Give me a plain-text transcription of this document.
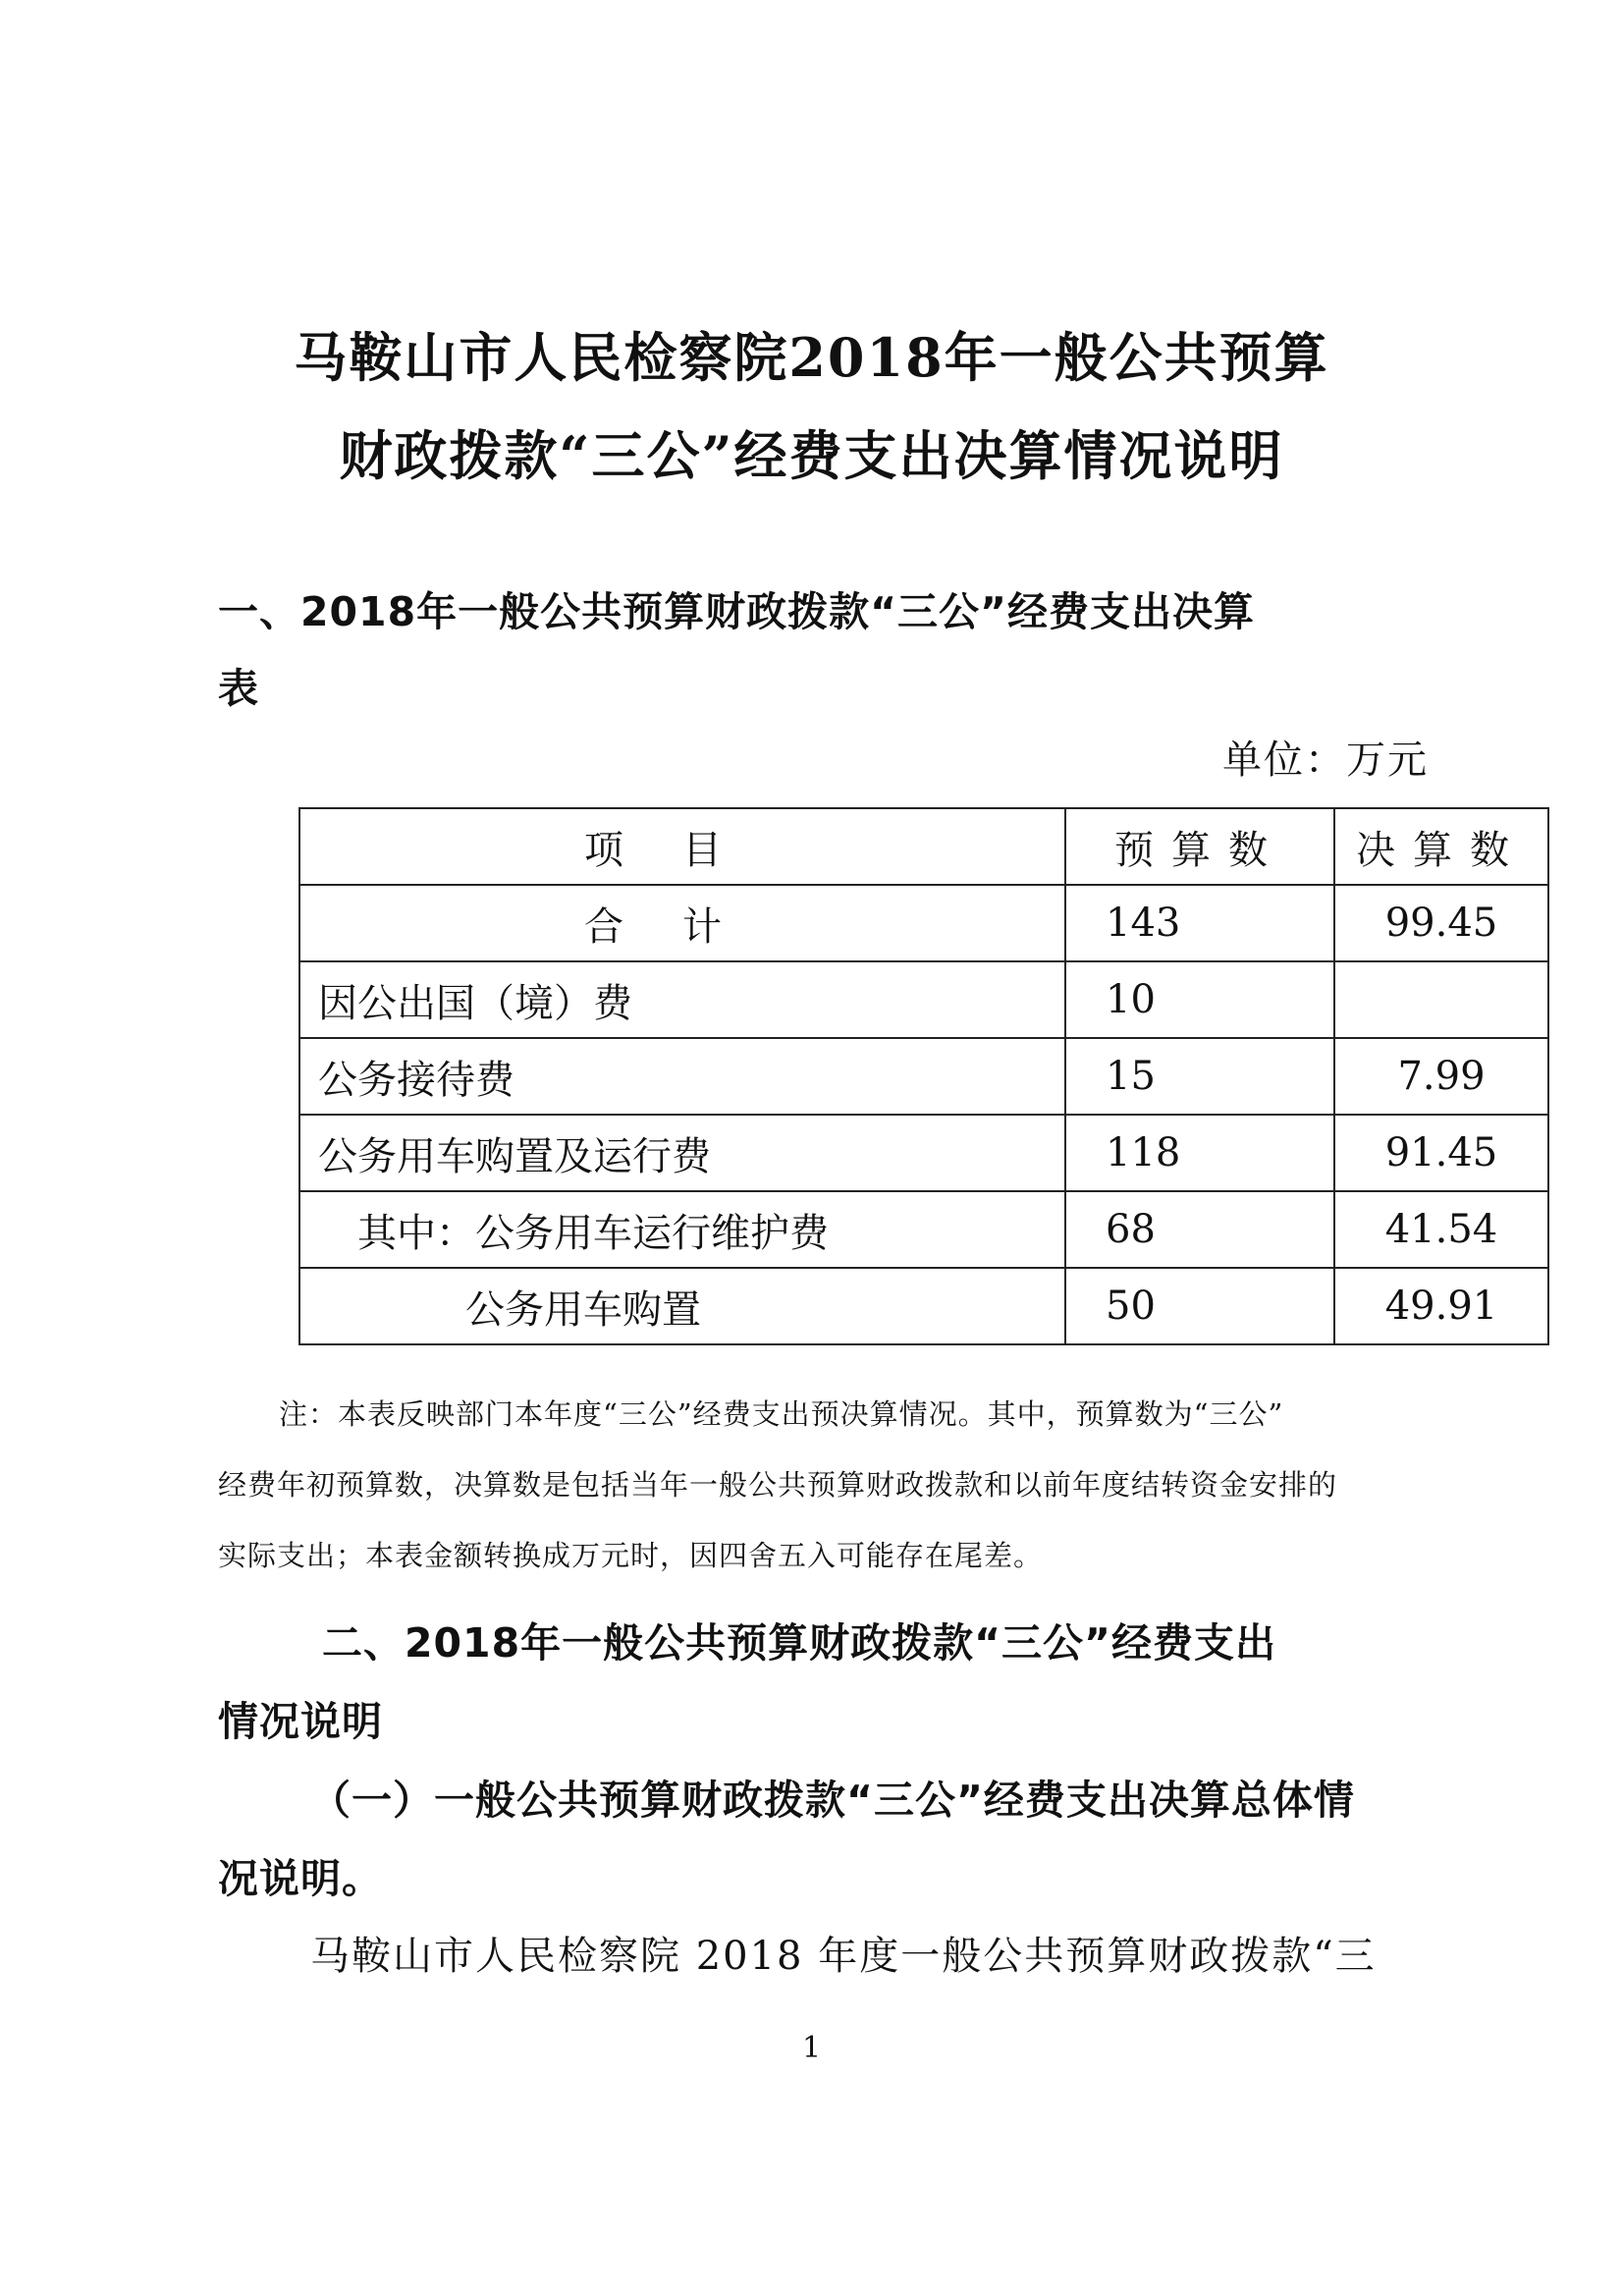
马鞍山市人民检察院2018年一般公共预算
财政拨款“三公”经费支出决算情况说明
一、2018年一般公共预算财政拨款“三公”经费支出决算
表
单位：万元
项目	预算数	决算数
合计	143	99.45
因公出国（境）费	10	
公务接待费	15	7.99
公务用车购置及运行费	118	91.45
其中：公务用车运行维护费	68	41.54
公务用车购置	50	49.91
注：本表反映部门本年度“三公”经费支出预决算情况。其中，预算数为“三公”
经费年初预算数，决算数是包括当年一般公共预算财政拨款和以前年度结转资金安排的
实际支出；本表金额转换成万元时，因四舍五入可能存在尾差。
二、2018年一般公共预算财政拨款“三公”经费支出
情况说明
（一）一般公共预算财政拨款“三公”经费支出决算总体情
况说明。
马鞍山市人民检察院 2018 年度一般公共预算财政拨款“三
1
